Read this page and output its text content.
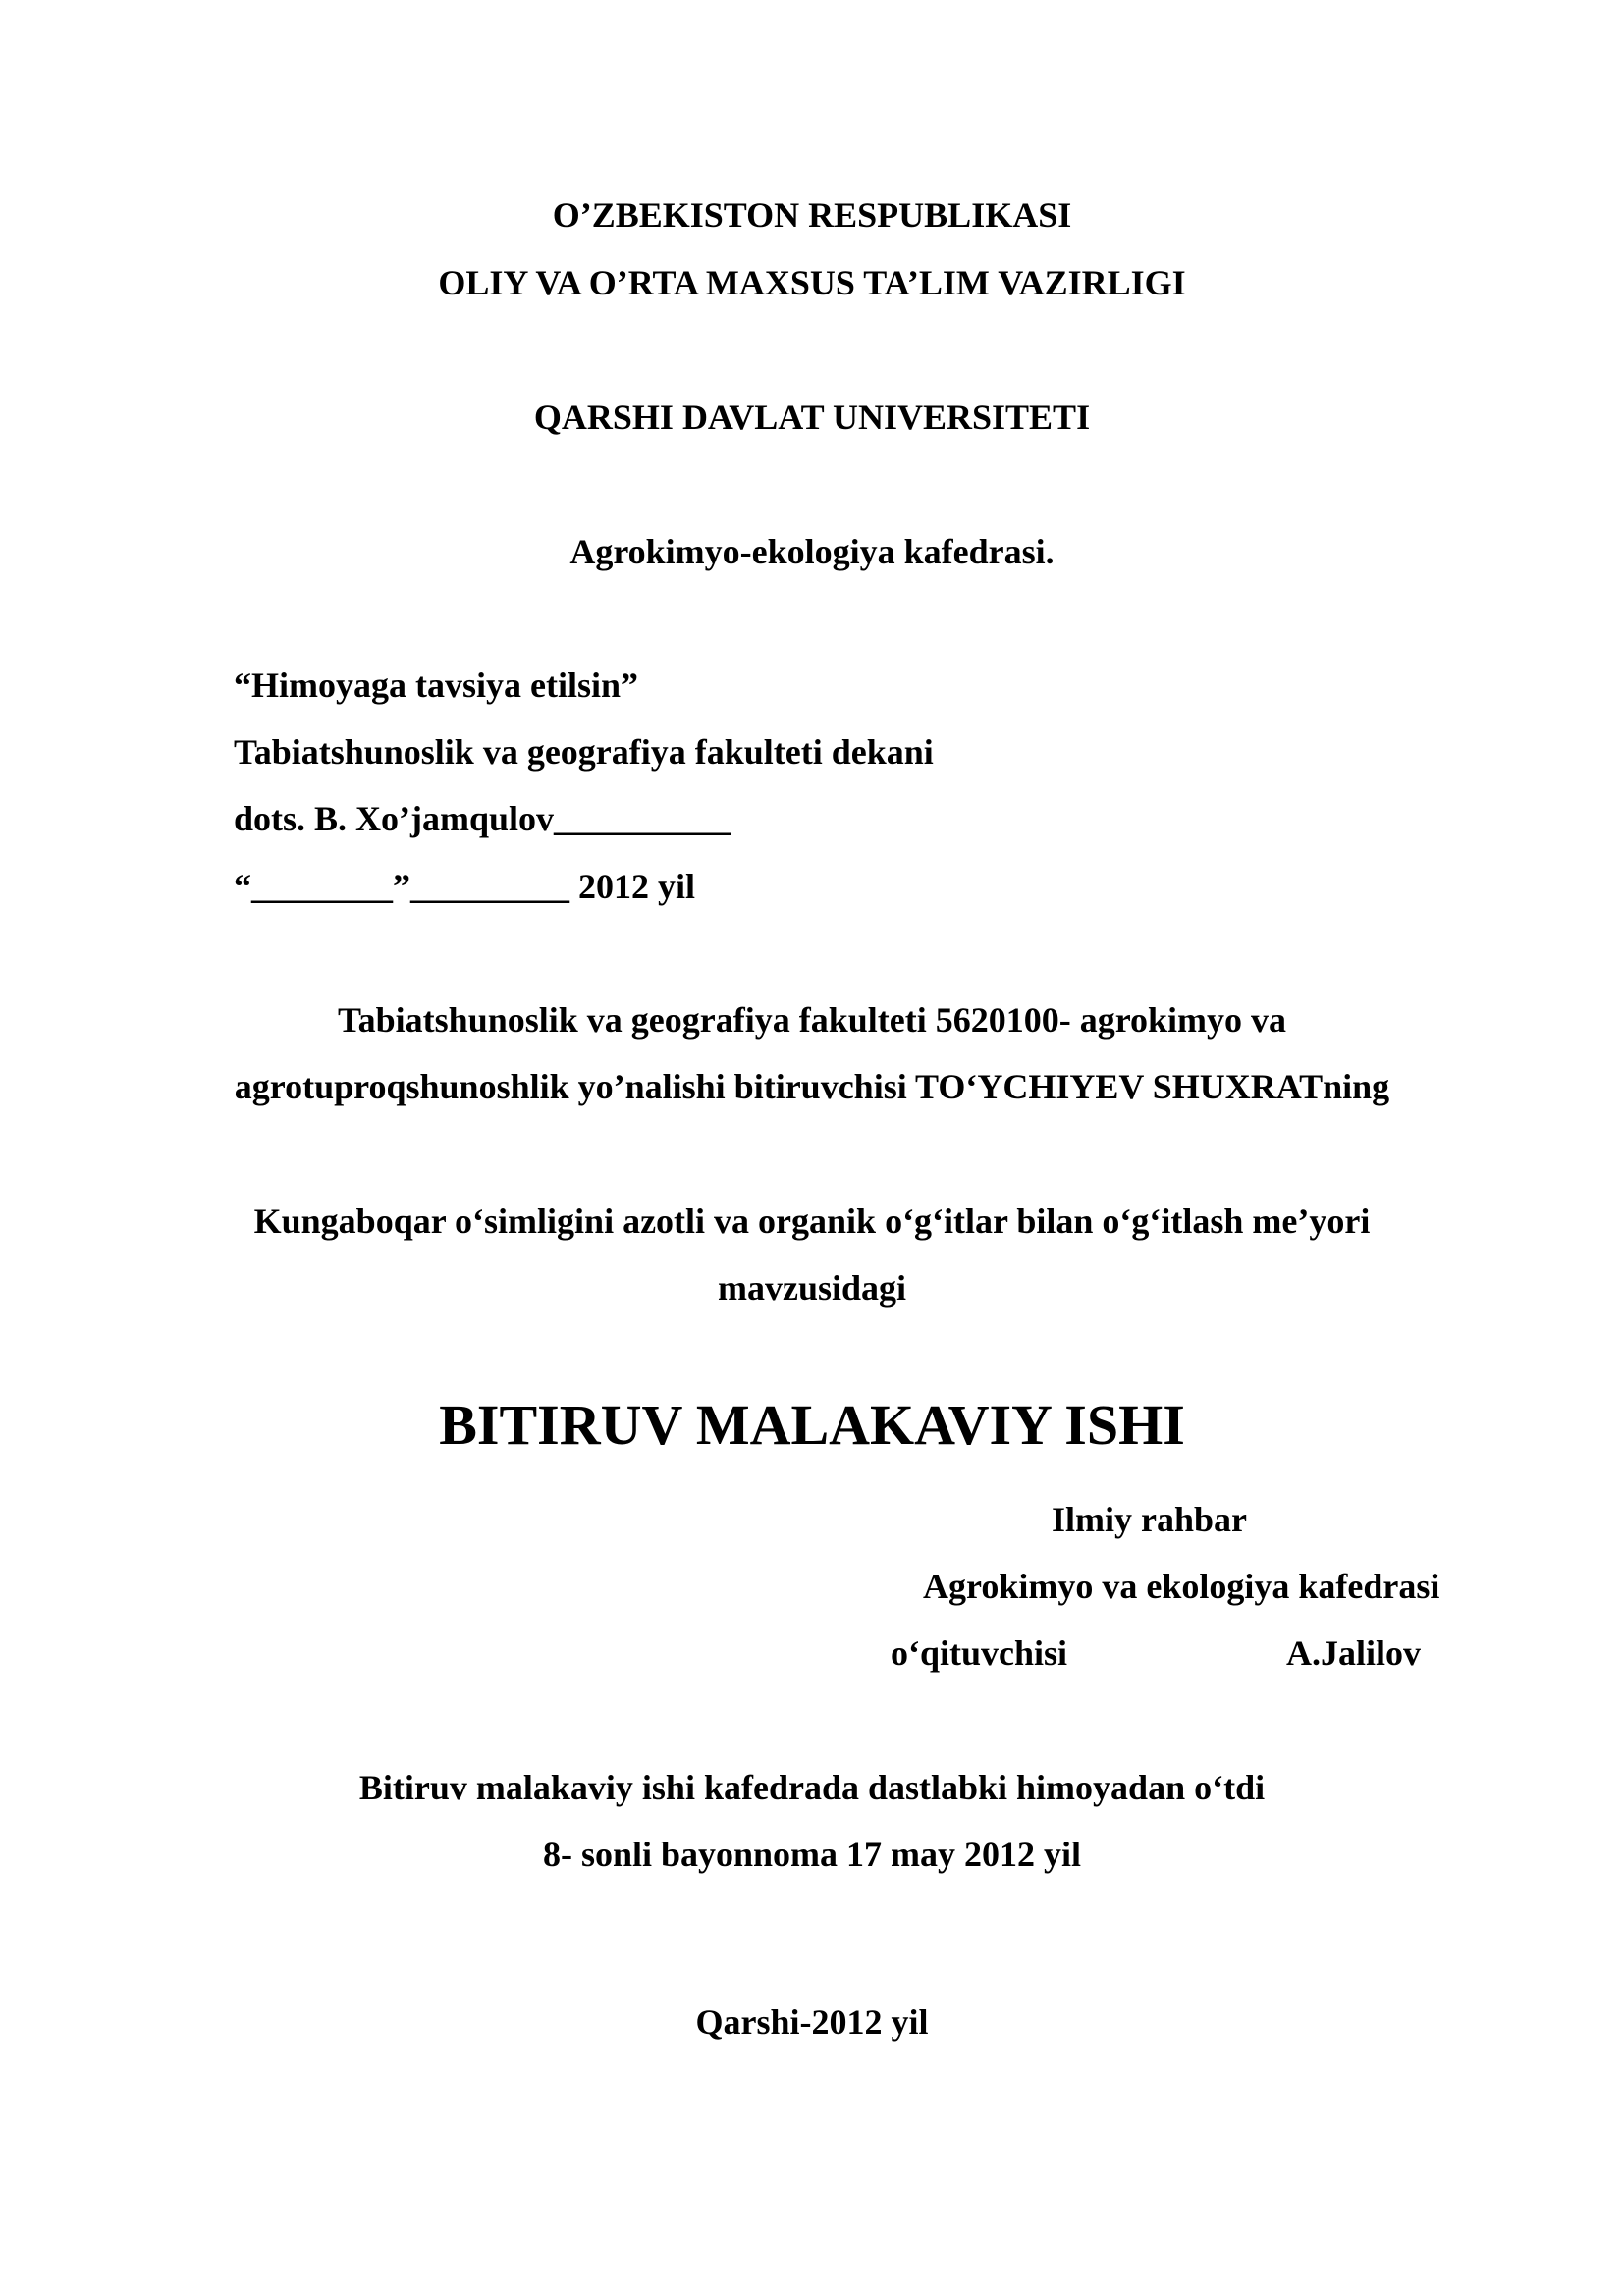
O’ZBEKISTON RESPUBLIKASI
OLIY VA O’RTA MAXSUS TA’LIM VAZIRLIGI
QARSHI DAVLAT UNIVERSITETI
Agrokimyo-ekologiya kafedrasi.
“Himoyaga tavsiya etilsin”
Tabiatshunoslik va geografiya fakulteti dekani
dots. B. Xo’jamqulov__________
“________”_________ 2012 yil
Tabiatshunoslik va geografiya fakulteti 5620100- agrokimyo va
agrotuproqshunoshlik yo’nalishi bitiruvchisi TO‘YCHIYEV SHUXRATning
Kungaboqar o‘simligini azotli va organik o‘g‘itlar bilan o‘g‘itlash me’yori
mavzusidagi
BITIRUV MALAKAVIY ISHI
Ilmiy rahbar
Agrokimyo va ekologiya kafedrasi
o‘qituvchisi	A.Jalilov
Bitiruv malakaviy ishi kafedrada dastlabki himoyadan o‘tdi
8- sonli bayonnoma 17 may 2012 yil
Qarshi-2012 yil
